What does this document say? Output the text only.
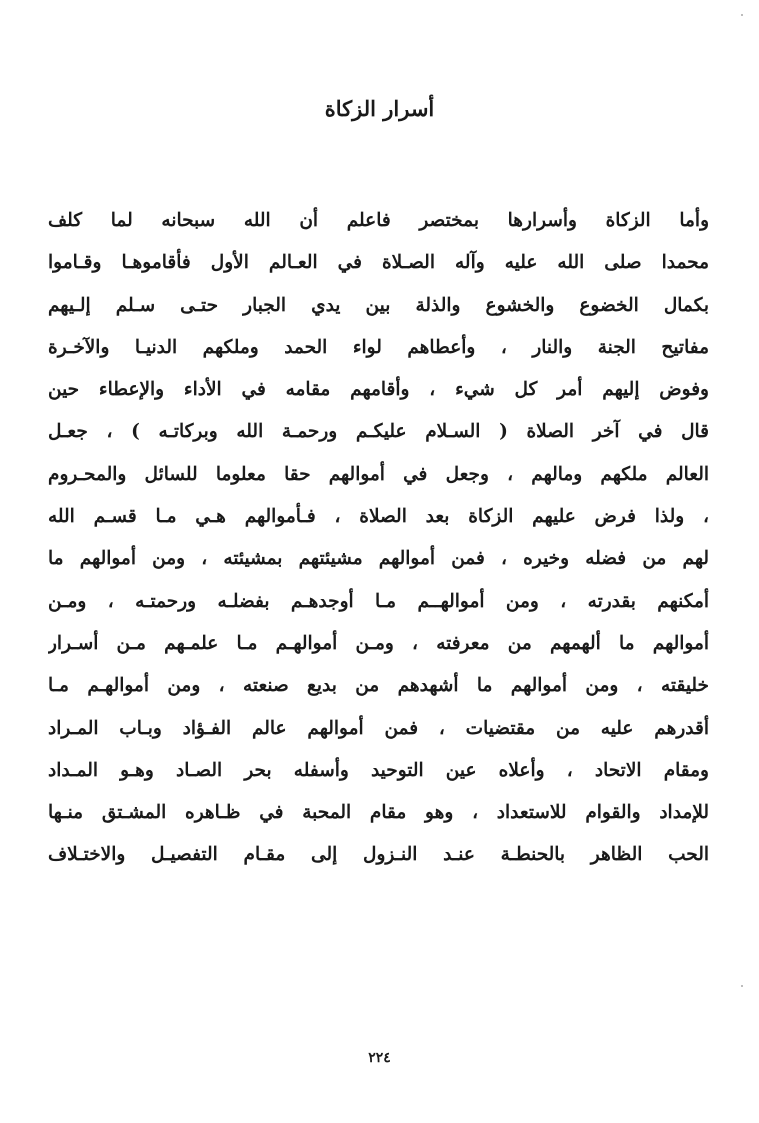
أسرار الزكاة
وأما الزكاة وأسرارها بمختصر فاعلم أن الله سبحانه لما كلف
محمدا صلى الله عليه وآله الصـلاة في العـالم الأول فأقاموهـا وقـاموا
بكمال الخضوع والخشوع والذلة بين يدي الجبار حتـى سـلم إلـيهم
مفاتيح الجنة والنار ، وأعطاهم لواء الحمد وملكهم الدنيـا والآخـرة
وفوض إليهم أمر كل شيء ، وأقامهم مقامه في الأداء والإعطاء حين
قال في آخر الصلاة ( السـلام عليكـم ورحمـة الله وبركاتـه ) ، جعـل
العالم ملكهم ومالهم ، وجعل في أموالهم حقا معلوما للسائل والمحـروم
، ولذا فرض عليهم الزكاة بعد الصلاة ، فـأموالهم هـي مـا قسـم الله
لهم من فضله وخيره ، فمن أموالهم مشيئتهم بمشيئته ، ومن أموالهم ما
أمكنهم بقدرته ، ومن أموالهــم مـا أوجدهـم بفضلـه ورحمتـه ، ومـن
أموالهم ما ألهمهم من معرفته ، ومـن أموالهـم مـا علمـهم مـن أسـرار
خليقته ، ومن أموالهم ما أشهدهم من بديع صنعته ، ومن أموالهـم مـا
أقدرهم عليه من مقتضيات ، فمن أموالهم عالم الفـؤاد وبـاب المـراد
ومقام الاتحاد ، وأعلاه عين التوحيد وأسفله بحر الصـاد وهـو المـداد
للإمداد والقوام للاستعداد ، وهو مقام المحبة في ظـاهره المشـتق منـها
الحب الظاهر بالحنطـة عنـد النـزول إلى مقـام التفصيـل والاختـلاف
٢٢٤
